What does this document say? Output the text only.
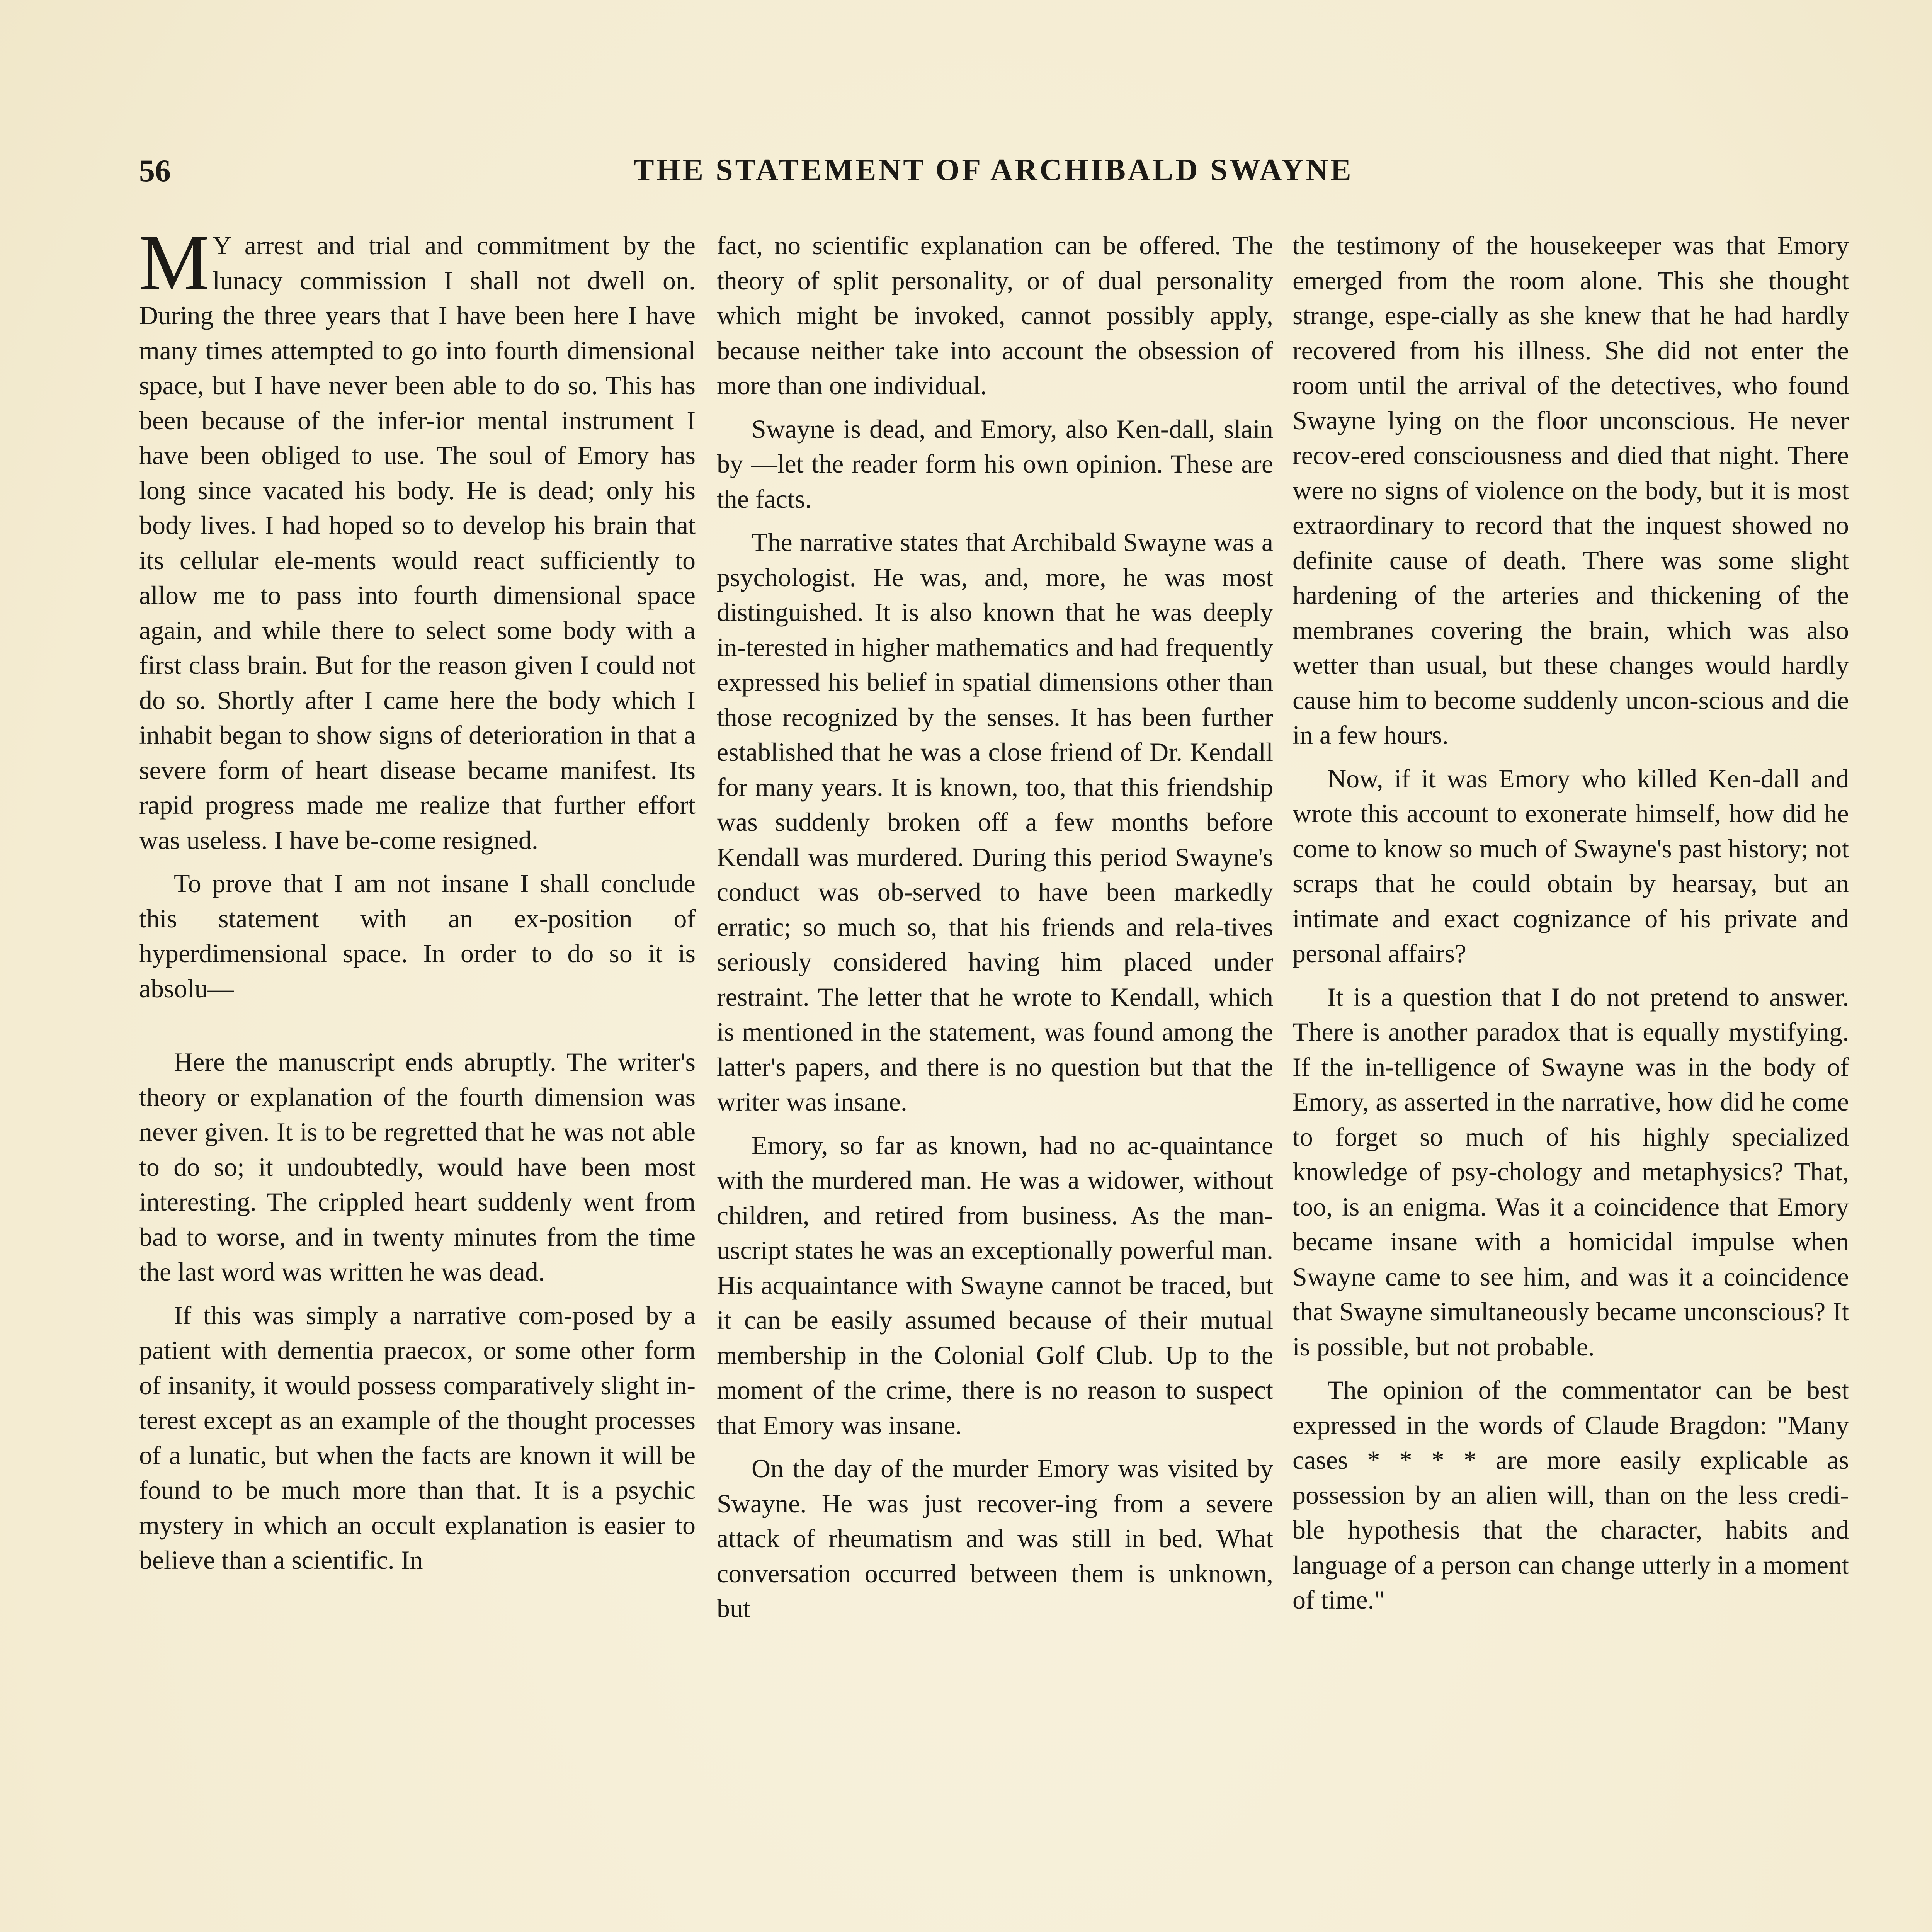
56	THE STATEMENT OF ARCHIBALD SWAYNE

M Y arrest and trial and commitment by the lunacy commission I shall not dwell on. During the three years that I have been here I have many times attempted to go into fourth dimensional space, but I have never been able to do so. This has been because of the infer-ior mental instrument I have been obliged to use. The soul of Emory has long since vacated his body. He is dead; only his body lives. I had hoped so to develop his brain that its cellular ele-ments would react sufficiently to allow me to pass into fourth dimensional space again, and while there to select some body with a first class brain. But for the reason given I could not do so. Shortly after I came here the body which I inhabit began to show signs of deterioration in that a severe form of heart disease became manifest. Its rapid progress made me realize that further effort was useless. I have be-come resigned.

To prove that I am not insane I shall conclude this statement with an ex-position of hyperdimensional space. In order to do so it is absolu—

Here the manuscript ends abruptly. The writer's theory or explanation of the fourth dimension was never given. It is to be regretted that he was not able to do so; it undoubtedly, would have been most interesting. The crippled heart suddenly went from bad to worse, and in twenty minutes from the time the last word was written he was dead.

If this was simply a narrative com-posed by a patient with dementia praecox, or some other form of insanity, it would possess comparatively slight in-terest except as an example of the thought processes of a lunatic, but when the facts are known it will be found to be much more than that. It is a psychic mystery in which an occult explanation is easier to believe than a scientific. In

fact, no scientific explanation can be offered. The theory of split personality, or of dual personality which might be invoked, cannot possibly apply, because neither take into account the obsession of more than one individual.

Swayne is dead, and Emory, also Ken-dall, slain by —let the reader form his own opinion. These are the facts.

The narrative states that Archibald Swayne was a psychologist. He was, and, more, he was most distinguished. It is also known that he was deeply in-terested in higher mathematics and had frequently expressed his belief in spatial dimensions other than those recognized by the senses. It has been further established that he was a close friend of Dr. Kendall for many years. It is known, too, that this friendship was suddenly broken off a few months before Kendall was murdered. During this period Swayne's conduct was ob-served to have been markedly erratic; so much so, that his friends and rela-tives seriously considered having him placed under restraint. The letter that he wrote to Kendall, which is mentioned in the statement, was found among the latter's papers, and there is no question but that the writer was insane.

Emory, so far as known, had no ac-quaintance with the murdered man. He was a widower, without children, and retired from business. As the man-uscript states he was an exceptionally powerful man. His acquaintance with Swayne cannot be traced, but it can be easily assumed because of their mutual membership in the Colonial Golf Club. Up to the moment of the crime, there is no reason to suspect that Emory was insane.

On the day of the murder Emory was visited by Swayne. He was just recover-ing from a severe attack of rheumatism and was still in bed. What conversation occurred between them is unknown, but

the testimony of the housekeeper was that Emory emerged from the room alone. This she thought strange, espe-cially as she knew that he had hardly recovered from his illness. She did not enter the room until the arrival of the detectives, who found Swayne lying on the floor unconscious. He never recov-ered consciousness and died that night. There were no signs of violence on the body, but it is most extraordinary to record that the inquest showed no definite cause of death. There was some slight hardening of the arteries and thickening of the membranes covering the brain, which was also wetter than usual, but these changes would hardly cause him to become suddenly uncon-scious and die in a few hours.

Now, if it was Emory who killed Ken-dall and wrote this account to exonerate himself, how did he come to know so much of Swayne's past history; not scraps that he could obtain by hearsay, but an intimate and exact cognizance of his private and personal affairs?

It is a question that I do not pretend to answer. There is another paradox that is equally mystifying. If the in-telligence of Swayne was in the body of Emory, as asserted in the narrative, how did he come to forget so much of his highly specialized knowledge of psy-chology and metaphysics? That, too, is an enigma. Was it a coincidence that Emory became insane with a homicidal impulse when Swayne came to see him, and was it a coincidence that Swayne simultaneously became unconscious? It is possible, but not probable.

The opinion of the commentator can be best expressed in the words of Claude Bragdon: "Many cases * * * * are more easily explicable as possession by an alien will, than on the less credi-ble hypothesis that the character, habits and language of a person can change utterly in a moment of time."
